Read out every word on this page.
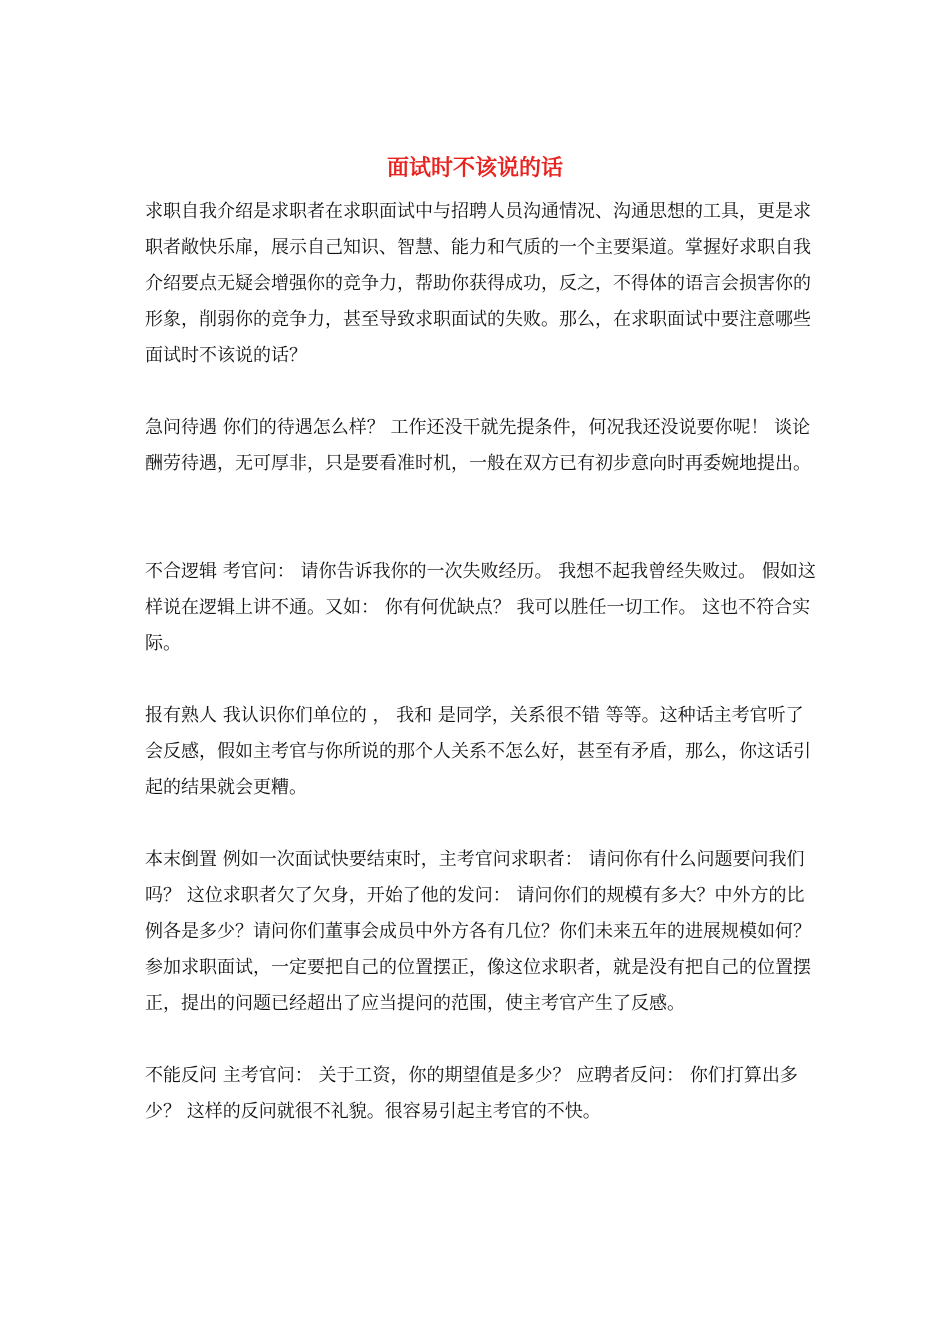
面试时不该说的话

求职自我介绍是求职者在求职面试中与招聘人员沟通情况、沟通思想的工具，更是求职者敞快乐扉，展示自己知识、智慧、能力和气质的一个主要渠道。掌握好求职自我介绍要点无疑会增强你的竞争力，帮助你获得成功，反之，不得体的语言会损害你的形象，削弱你的竞争力，甚至导致求职面试的失败。那么，在求职面试中要注意哪些面试时不该说的话？

急问待遇 你们的待遇怎么样？ 工作还没干就先提条件，何况我还没说要你呢！ 谈论酬劳待遇，无可厚非，只是要看准时机，一般在双方已有初步意向时再委婉地提出。

不合逻辑 考官问： 请你告诉我你的一次失败经历。 我想不起我曾经失败过。 假如这样说在逻辑上讲不通。又如： 你有何优缺点？ 我可以胜任一切工作。 这也不符合实际。

报有熟人 我认识你们单位的 ， 我和 是同学，关系很不错 等等。这种话主考官听了会反感，假如主考官与你所说的那个人关系不怎么好，甚至有矛盾，那么，你这话引起的结果就会更糟。

本末倒置 例如一次面试快要结束时，主考官问求职者： 请问你有什么问题要问我们吗？ 这位求职者欠了欠身，开始了他的发问： 请问你们的规模有多大？中外方的比例各是多少？请问你们董事会成员中外方各有几位？你们未来五年的进展规模如何？ 参加求职面试，一定要把自己的位置摆正，像这位求职者，就是没有把自己的位置摆正，提出的问题已经超出了应当提问的范围，使主考官产生了反感。

不能反问 主考官问： 关于工资，你的期望值是多少？ 应聘者反问： 你们打算出多少？ 这样的反问就很不礼貌。很容易引起主考官的不快。
